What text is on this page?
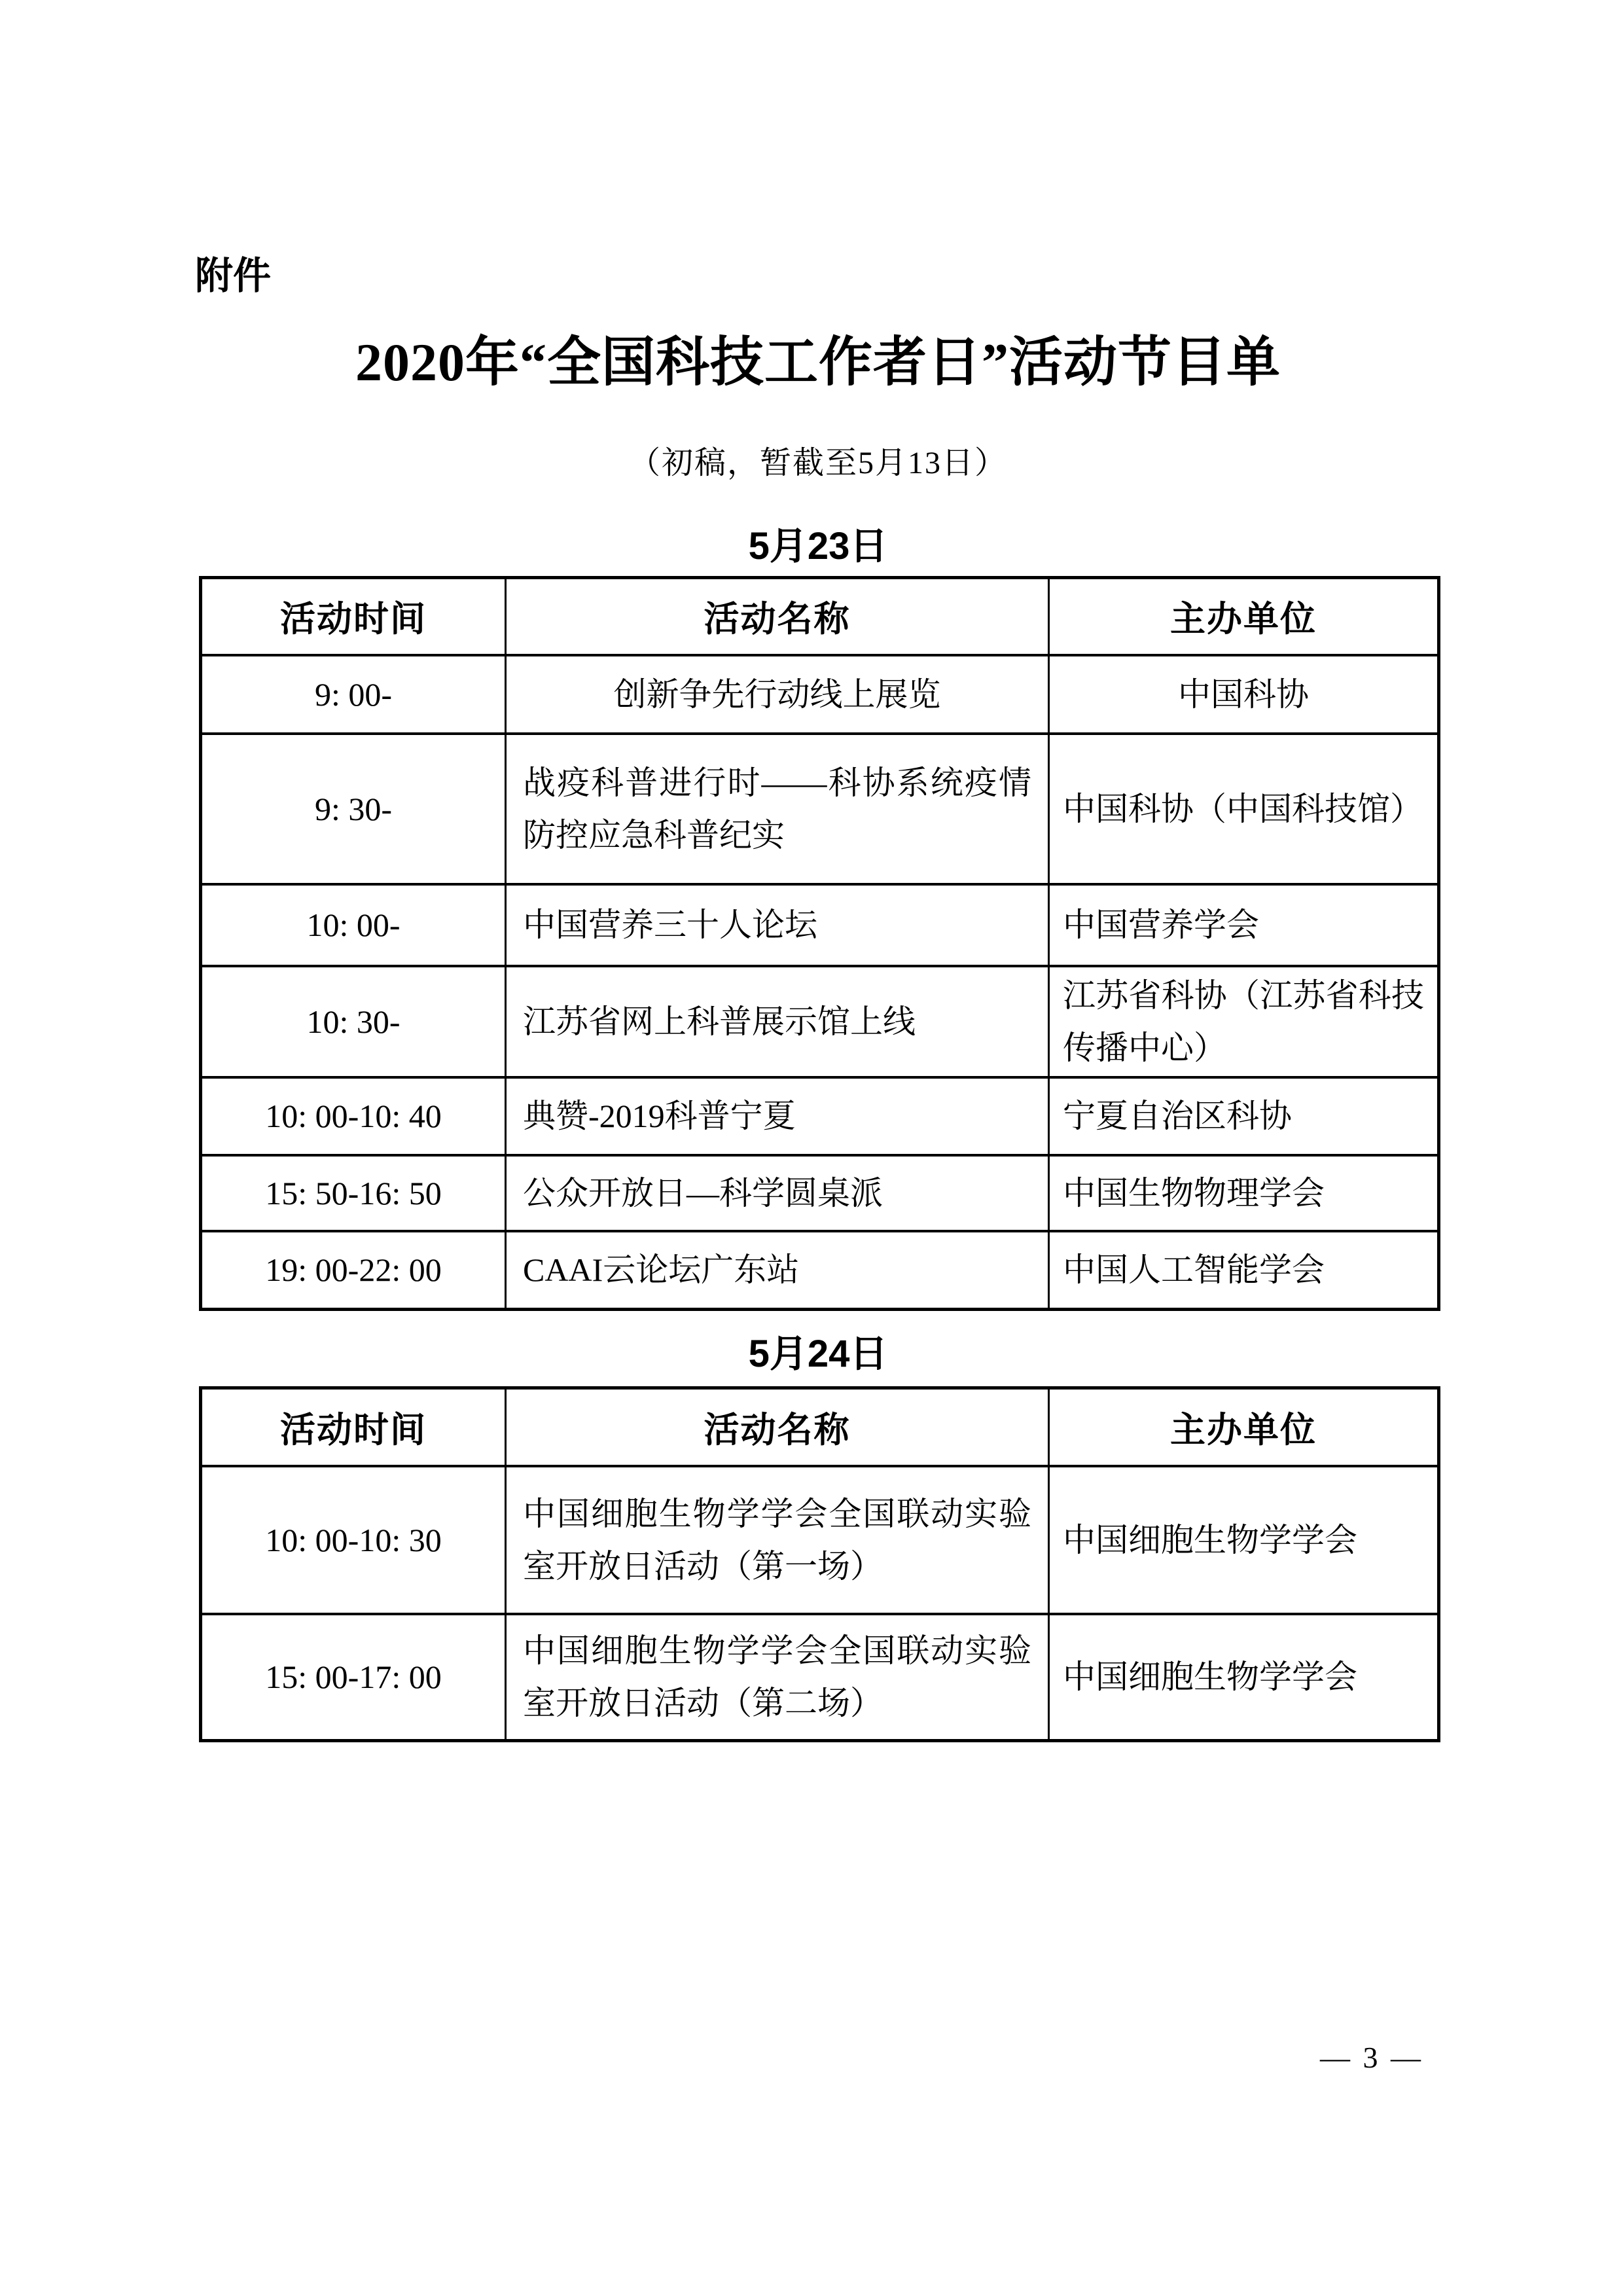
附件
2020年“全国科技工作者日”活动节目单
（初稿，暂截至5月13日）
5月23日
活动时间	活动名称	主办单位
9: 00-	创新争先行动线上展览	中国科协
9: 30-	战疫科普进行时——科协系统疫情防控应急科普纪实	中国科协（中国科技馆）
10: 00-	中国营养三十人论坛	中国营养学会
10: 30-	江苏省网上科普展示馆上线	江苏省科协（江苏省科技传播中心）
10: 00-10: 40	典赞-2019科普宁夏	宁夏自治区科协
15: 50-16: 50	公众开放日—科学圆桌派	中国生物物理学会
19: 00-22: 00	CAAI云论坛广东站	中国人工智能学会
5月24日
活动时间	活动名称	主办单位
10: 00-10: 30	中国细胞生物学学会全国联动实验室开放日活动（第一场）	中国细胞生物学学会
15: 00-17: 00	中国细胞生物学学会全国联动实验室开放日活动（第二场）	中国细胞生物学学会
— 3 —
